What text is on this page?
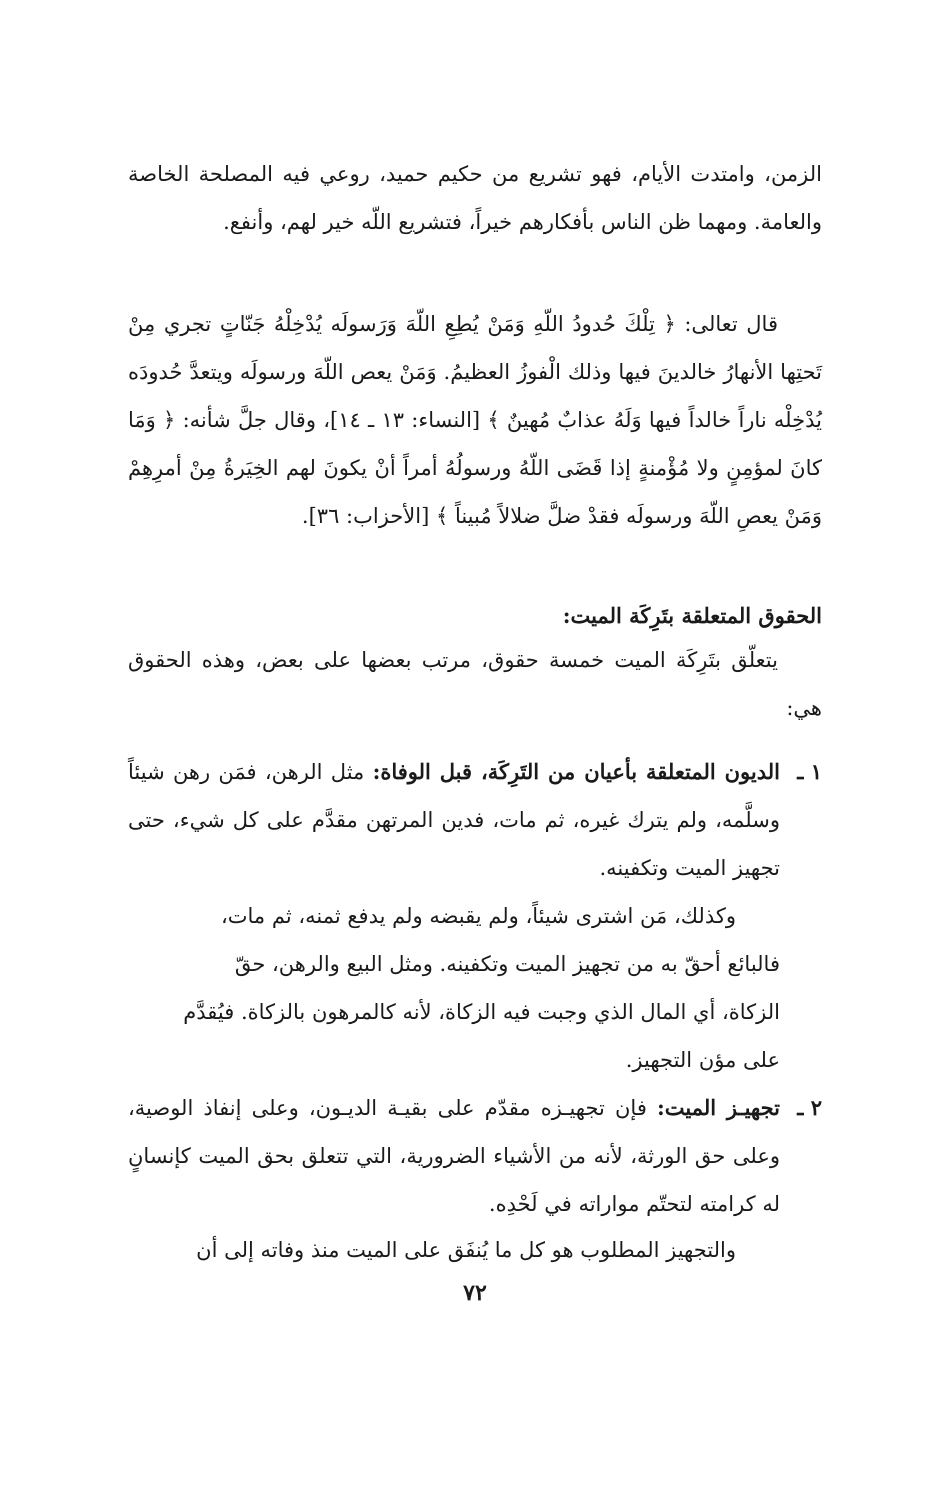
الزمن، وامتدت الأيام، فهو تشريع من حكيم حميد، روعي فيه المصلحة الخاصة والعامة. ومهما ظن الناس بأفكارهم خيراً، فتشريع اللّه خير لهم، وأنفع.
قال تعالى: ﴿ تِلْكَ حُدودُ اللّهِ وَمَنْ يُطِعِ اللّهَ وَرَسولَه يُدْخِلْهُ جَنّاتٍ تجري مِنْ تَحتِها الأنهارُ خالدينَ فيها وذلك الْفوزُ العظيمُ. وَمَنْ يعص اللّهَ ورسولَه ويتعدَّ حُدودَه يُدْخِلْه ناراً خالداً فيها وَلَهُ عذابٌ مُهينٌ ﴾ [النساء: ١٣ ـ ١٤]، وقال جلَّ شأنه: ﴿ وَمَا كانَ لمؤمِنٍ ولا مُؤْمنةٍ إذا قَضَى اللّهُ ورسولُهُ أمراً أنْ يكونَ لهم الخِيَرةُ مِنْ أمرِهِمْ وَمَنْ يعصِ اللّهَ ورسولَه فقدْ ضلَّ ضلالاً مُبيناً ﴾ [الأحزاب: ٣٦].
الحقوق المتعلقة بتَرِكَة الميت:
يتعلّق بتَرِكَة الميت خمسة حقوق، مرتب بعضها على بعض، وهذه الحقوق هي:
١ ـ
الديون المتعلقة بأعيان من التَرِكَة، قبل الوفاة: مثل الرهن، فمَن رهن شيئاً وسلَّمه، ولم يترك غيره، ثم مات، فدين المرتهن مقدَّم على كل شيء، حتى تجهيز الميت وتكفينه.
وكذلك، مَن اشترى شيئاً، ولم يقبضه ولم يدفع ثمنه، ثم مات،
فالبائع أحقّ به من تجهيز الميت وتكفينه. ومثل البيع والرهن، حقّ
الزكاة، أي المال الذي وجبت فيه الزكاة، لأنه كالمرهون بالزكاة. فيُقدَّم
على مؤن التجهيز.
٢ ـ
تجهيـز الميت: فإن تجهيـزه مقدّم على بقيـة الديـون، وعلى إنفاذ الوصية، وعلى حق الورثة، لأنه من الأشياء الضرورية، التي تتعلق بحق الميت كإنسانٍ له كرامته لتحتّم مواراته في لَحْدِه.
والتجهيز المطلوب هو كل ما يُنفَق على الميت منذ وفاته إلى أن
٧٢
